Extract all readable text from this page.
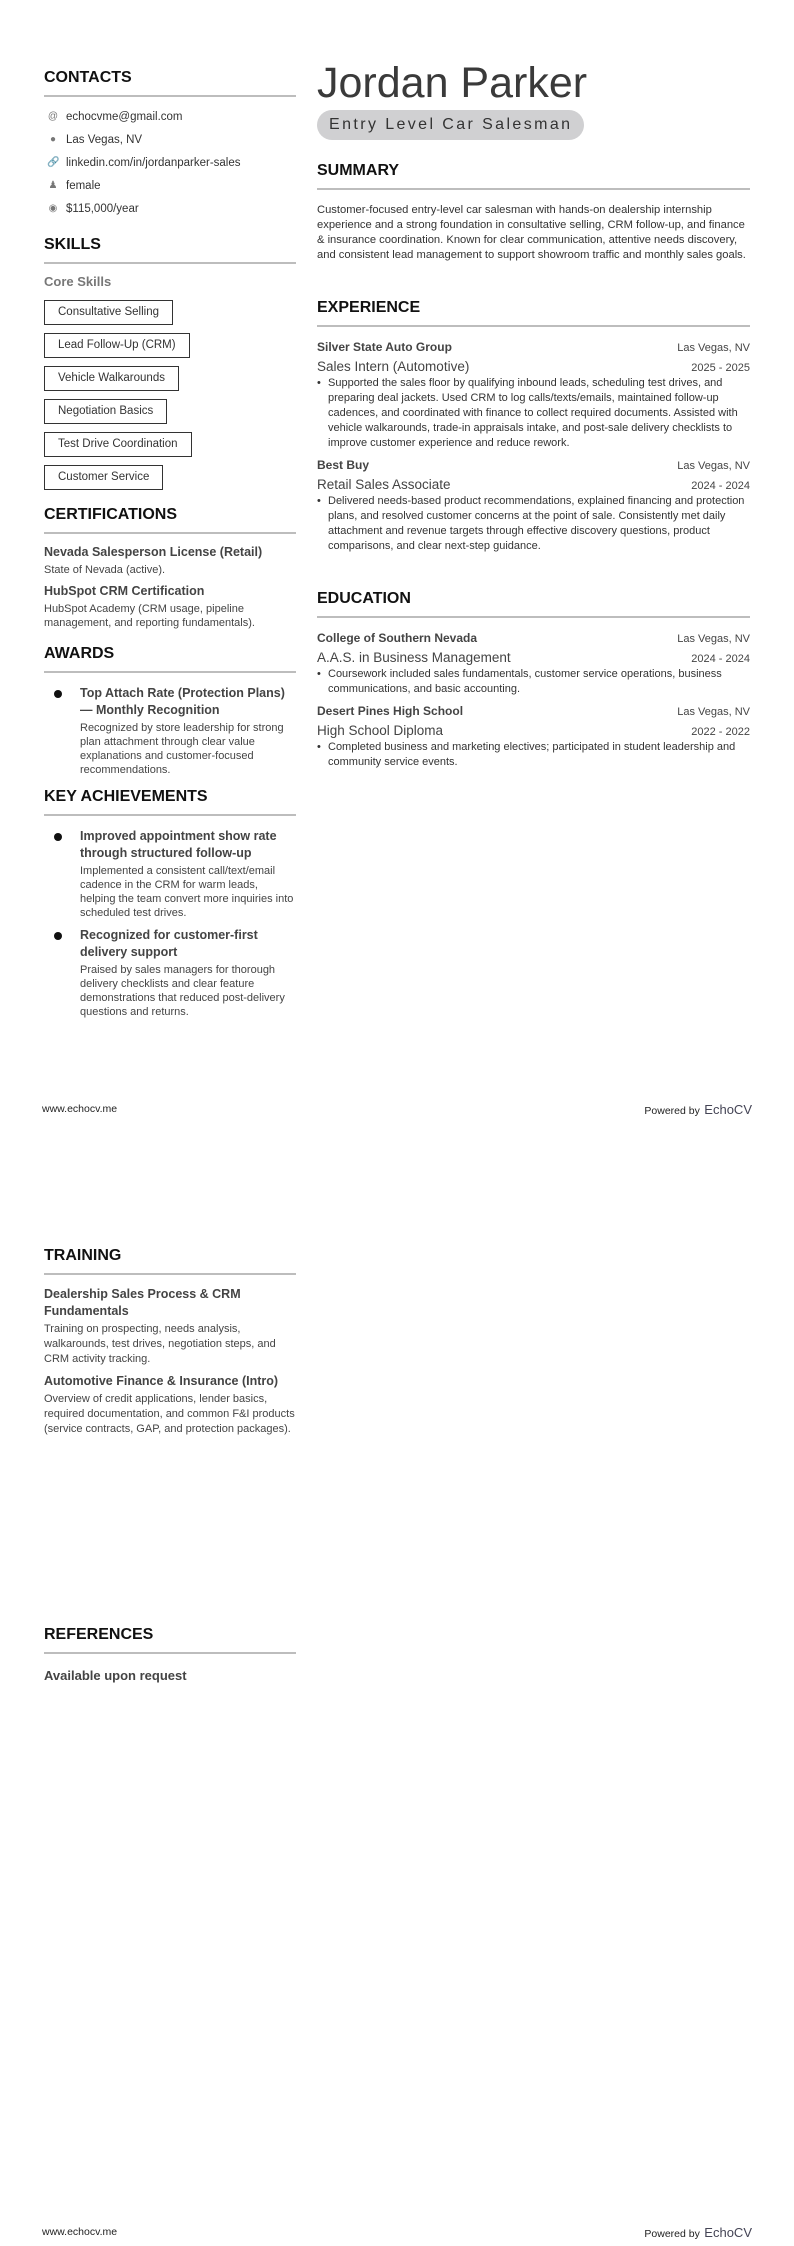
CONTACTS
@ echocvme@gmail.com
● Las Vegas, NV
🔗 linkedin.com/in/jordanparker-sales
♟ female
◉ $115,000/year
SKILLS
Core Skills
Consultative Selling
Lead Follow-Up (CRM)
Vehicle Walkarounds
Negotiation Basics
Test Drive Coordination
Customer Service
CERTIFICATIONS
Nevada Salesperson License (Retail)
State of Nevada (active).
HubSpot CRM Certification
HubSpot Academy (CRM usage, pipeline management, and reporting fundamentals).
AWARDS
Top Attach Rate (Protection Plans) — Monthly Recognition
Recognized by store leadership for strong plan attachment through clear value explanations and customer-focused recommendations.
KEY ACHIEVEMENTS
Improved appointment show rate through structured follow-up
Implemented a consistent call/text/email cadence in the CRM for warm leads, helping the team convert more inquiries into scheduled test drives.
Recognized for customer-first delivery support
Praised by sales managers for thorough delivery checklists and clear feature demonstrations that reduced post-delivery questions and returns.
Jordan Parker
Entry Level Car Salesman
SUMMARY
Customer-focused entry-level car salesman with hands-on dealership internship experience and a strong foundation in consultative selling, CRM follow-up, and finance & insurance coordination. Known for clear communication, attentive needs discovery, and consistent lead management to support showroom traffic and monthly sales goals.
EXPERIENCE
Silver State Auto Group	Las Vegas, NV
Sales Intern (Automotive)	2025 - 2025
• Supported the sales floor by qualifying inbound leads, scheduling test drives, and preparing deal jackets. Used CRM to log calls/texts/emails, maintained follow-up cadences, and coordinated with finance to collect required documents. Assisted with vehicle walkarounds, trade-in appraisals intake, and post-sale delivery checklists to improve customer experience and reduce rework.
Best Buy	Las Vegas, NV
Retail Sales Associate	2024 - 2024
• Delivered needs-based product recommendations, explained financing and protection plans, and resolved customer concerns at the point of sale. Consistently met daily attachment and revenue targets through effective discovery questions, product comparisons, and clear next-step guidance.
EDUCATION
College of Southern Nevada	Las Vegas, NV
A.A.S. in Business Management	2024 - 2024
• Coursework included sales fundamentals, customer service operations, business communications, and basic accounting.
Desert Pines High School	Las Vegas, NV
High School Diploma	2022 - 2022
• Completed business and marketing electives; participated in student leadership and community service events.
www.echocv.me	Powered by EchoCV
TRAINING
Dealership Sales Process & CRM Fundamentals
Training on prospecting, needs analysis, walkarounds, test drives, negotiation steps, and CRM activity tracking.
Automotive Finance & Insurance (Intro)
Overview of credit applications, lender basics, required documentation, and common F&I products (service contracts, GAP, and protection packages).
REFERENCES
Available upon request
www.echocv.me	Powered by EchoCV
